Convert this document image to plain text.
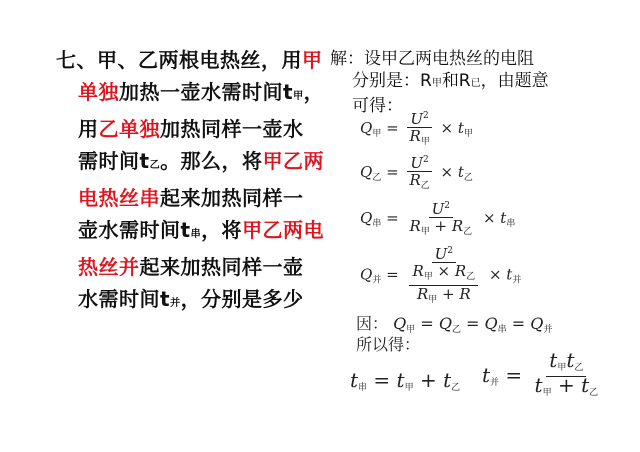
七、甲、乙两根电热丝，用甲
单独加热一壶水需时间t甲，
用乙单独加热同样一壶水
需时间t乙。那么，将甲乙两
电热丝串起来加热同样一
壶水需时间t串，将甲乙两电
热丝并起来加热同样一壶
水需时间t并，分别是多少
解：设甲乙两电热丝的电阻
分别是：R甲和R已，由题意
可得：
$Q_甲 = \frac{U^2}{R_甲} \times t_甲$
$Q_乙 = \frac{U^2}{R_乙} \times t_乙$
$Q_串 = \frac{U^2}{R_甲 + R_乙} \times t_串$
$Q_并 = \frac{U^2}{\frac{R_甲 \times R_乙}{R_甲 + R}} \times t_并$
因： Q甲 = Q乙 = Q串 = Q并
所以得：
t串 = t甲 + t乙
t并 = $\frac{\text{t甲t乙}}{\text{t甲 + t乙}}$
